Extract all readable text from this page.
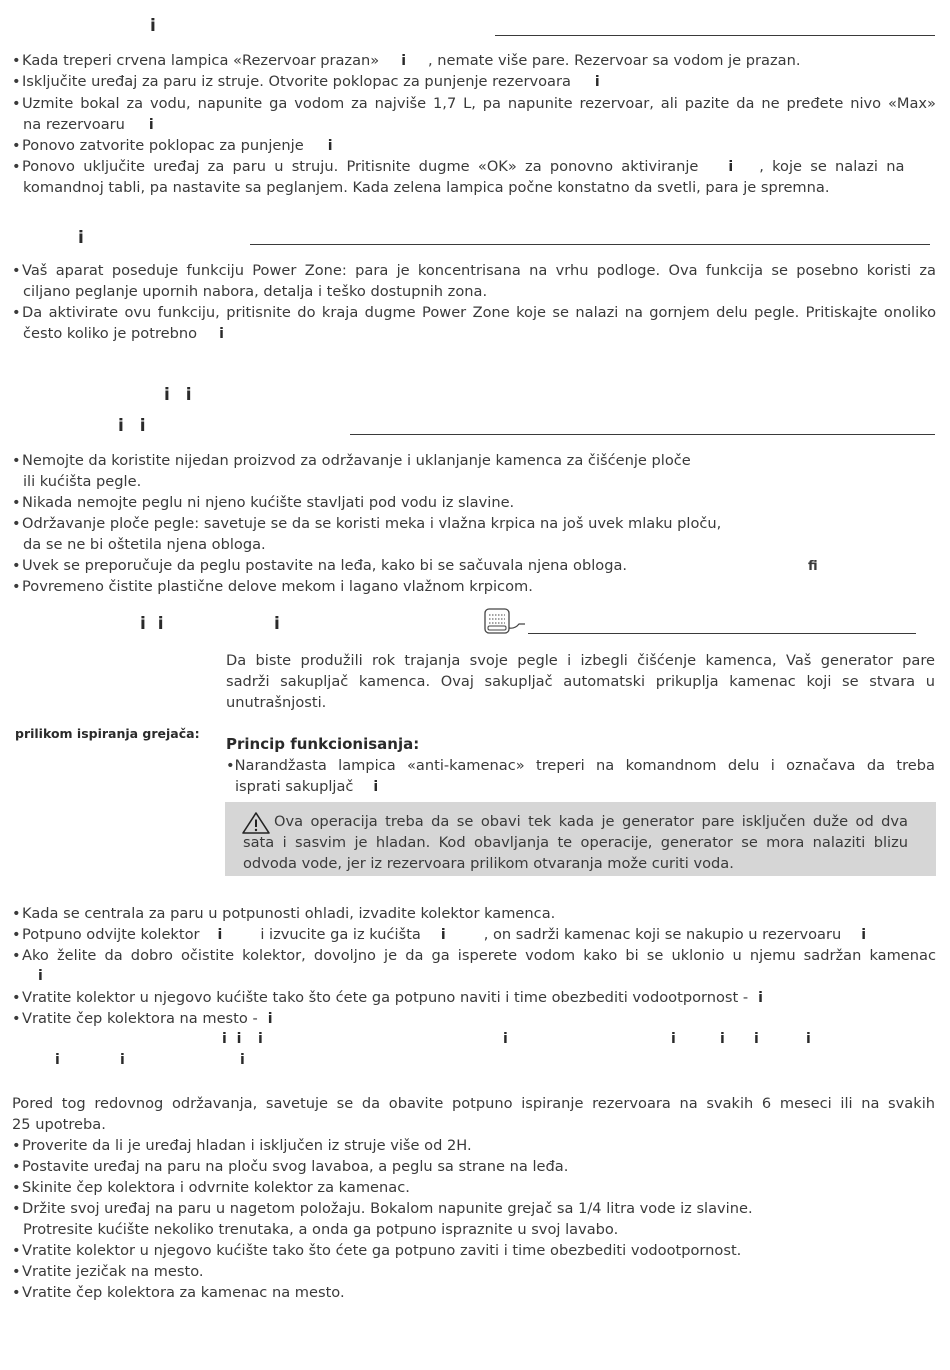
i
•Kada treperi crvena lampica «Rezervoar prazan» i , nemate više pare. Rezervoar sa vodom je prazan.
•Isključite uređaj za paru iz struje. Otvorite poklopac za punjenje rezervoara i
•Uzmite bokal za vodu, napunite ga vodom za najviše 1,7 L, pa napunite rezervoar, ali pazite da ne pređete nivo «Max»
na rezervoaru i
•Ponovo zatvorite poklopac za punjenje i
•Ponovo uključite uređaj za paru u struju. Pritisnite dugme «OK» za ponovno aktiviranje i , koje se nalazi na
komandnoj tabli, pa nastavite sa peglanjem. Kada zelena lampica počne konstatno da svetli, para je spremna.
i
•Vaš aparat poseduje funkciju Power Zone: para je koncentrisana na vrhu podloge. Ova funkcija se posebno koristi za
ciljano peglanje upornih nabora, detalja i teško dostupnih zona.
•Da aktivirate ovu funkciju, pritisnite do kraja dugme Power Zone koje se nalazi na gornjem delu pegle. Pritiskajte onoliko
često koliko je potrebno i
i i
i i
•Nemojte da koristite nijedan proizvod za održavanje i uklanjanje kamenca za čišćenje ploče
ili kućišta pegle.
•Nikada nemojte peglu ni njeno kućište stavljati pod vodu iz slavine.
•Održavanje ploče pegle: savetuje se da se koristi meka i vlažna krpica na još uvek mlaku ploču,
da se ne bi oštetila njena obloga.
•Uvek se preporučuje da peglu postavite na leđa, kako bi se sačuvala njena obloga.	ﬁ
•Povremeno čistite plastične delove mekom i lagano vlažnom krpicom.
i i	i
Da biste produžili rok trajanja svoje pegle i izbegli čišćenje kamenca, Vaš generator pare
sadrži sakupljač kamenca. Ovaj sakupljač automatski prikuplja kamenac koji se stvara u
unutrašnjosti.
prilikom ispiranja grejača:
Princip funkcionisanja:
•Narandžasta lampica «anti-kamenac» treperi na komandnom delu i označava da treba
isprati sakupljač i
Ova operacija treba da se obavi tek kada je generator pare isključen duže od dva
sata i sasvim je hladan. Kod obavljanja te operacije, generator se mora nalaziti blizu
odvoda vode, jer iz rezervoara prilikom otvaranja može curiti voda.
•Kada se centrala za paru u potpunosti ohladi, izvadite kolektor kamenca.
•Potpuno odvijte kolektor i	i izvucite ga iz kućišta i	, on sadrži kamenac koji se nakupio u rezervoaru i
•Ako želite da dobro očistite kolektor, dovoljno je da ga isperete vodom kako bi se uklonio u njemu sadržan kamenac
i
•Vratite kolektor u njegovo kućište tako što ćete ga potpuno naviti i time obezbediti vodootpornost - i
•Vratite čep kolektora na mesto - i
i i i	i	i	i i	i
i	i	i
Pored tog redovnog održavanja, savetuje se da obavite potpuno ispiranje rezervoara na svakih 6 meseci ili na svakih
25 upotreba.
•Proverite da li je uređaj hladan i isključen iz struje više od 2H.
•Postavite uređaj na paru na ploču svog lavaboa, a peglu sa strane na leđa.
•Skinite čep kolektora i odvrnite kolektor za kamenac.
•Držite svoj uređaj na paru u nagetom položaju. Bokalom napunite grejač sa 1/4 litra vode iz slavine.
Protresite kućište nekoliko trenutaka, a onda ga potpuno ispraznite u svoj lavabo.
•Vratite kolektor u njegovo kućište tako što ćete ga potpuno zaviti i time obezbediti vodootpornost.
•Vratite jezičak na mesto.
•Vratite čep kolektora za kamenac na mesto.
